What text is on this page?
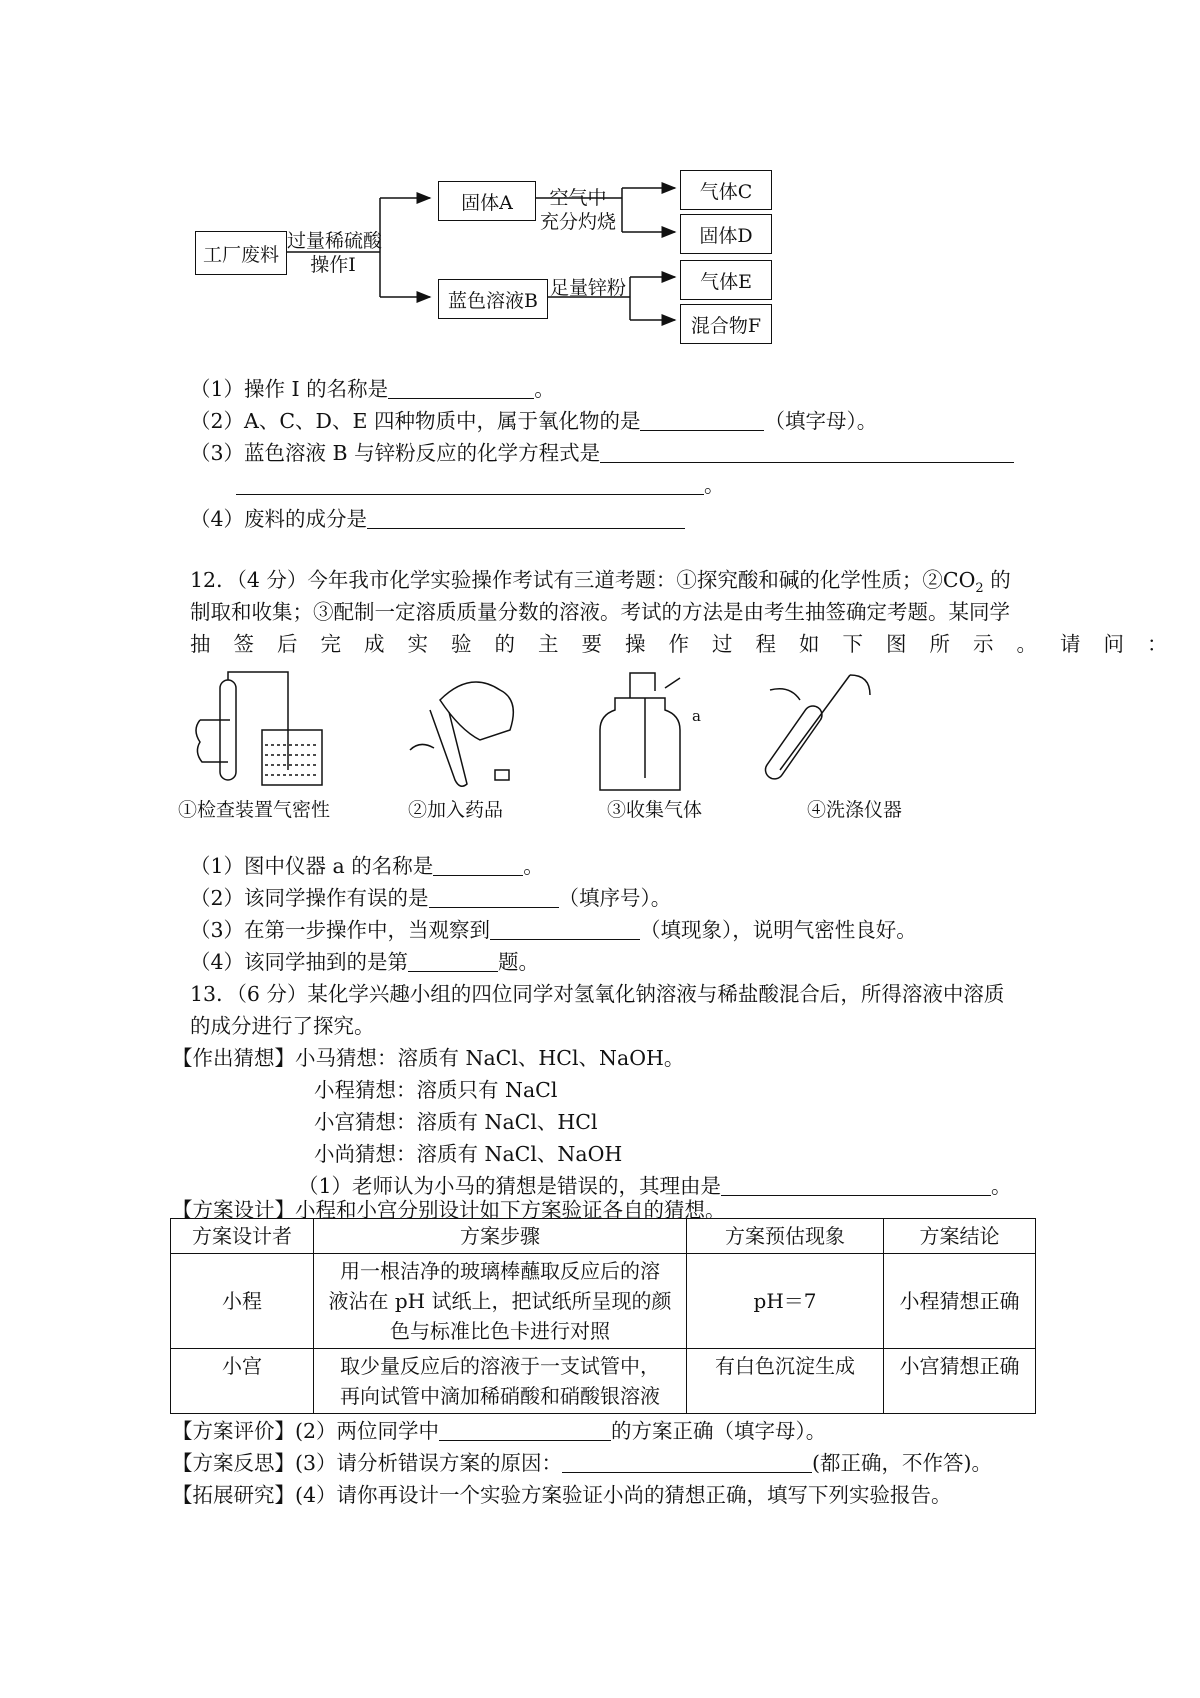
工厂废料
过量稀硫酸
操作I
固体A
蓝色溶液B
空气中
充分灼烧
足量锌粉
气体C
固体D
气体E
混合物F
（1）操作 I 的名称是	。
（2）A、C、D、E 四种物质中，属于氧化物的是	（填字母）。
（3）蓝色溶液 B 与锌粉反应的化学方程式是
。
（4）废料的成分是
12．（4 分）今年我市化学实验操作考试有三道考题：①探究酸和碱的化学性质；$②CO_2$ 的
制取和收集；③配制一定溶质质量分数的溶液。考试的方法是由考生抽签确定考题。某同学
抽签后完成实验的主要操作过程如下图所示。请问：
①检查装置气密性	②加入药品	③收集气体	④洗涤仪器
a
（1）图中仪器 a 的名称是	。
（2）该同学操作有误的是	（填序号）。
（3）在第一步操作中，当观察到	（填现象），说明气密性良好。
（4）该同学抽到的是第	题。
13．（6 分）某化学兴趣小组的四位同学对氢氧化钠溶液与稀盐酸混合后，所得溶液中溶质
的成分进行了探究。
【作出猜想】小马猜想：溶质有 NaCl、HCl、NaOH。
小程猜想：溶质只有 NaCl
小宫猜想：溶质有 NaCl、HCl
小尚猜想：溶质有 NaCl、NaOH
（1）老师认为小马的猜想是错误的，其理由是	。
【方案设计】小程和小宫分别设计如下方案验证各自的猜想。
方案设计者	方案步骤	方案预估现象	方案结论
小程	用一根洁净的玻璃棒蘸取反应后的溶
液沾在 pH 试纸上，把试纸所呈现的颜
色与标准比色卡进行对照	pH＝7	小程猜想正确
小宫	取少量反应后的溶液于一支试管中，
再向试管中滴加稀硝酸和硝酸银溶液	有白色沉淀生成	小宫猜想正确
【方案评价】(2）两位同学中	的方案正确（填字母）。
【方案反思】(3）请分析错误方案的原因：	(都正确，不作答)。
【拓展研究】(4）请你再设计一个实验方案验证小尚的猜想正确，填写下列实验报告。
